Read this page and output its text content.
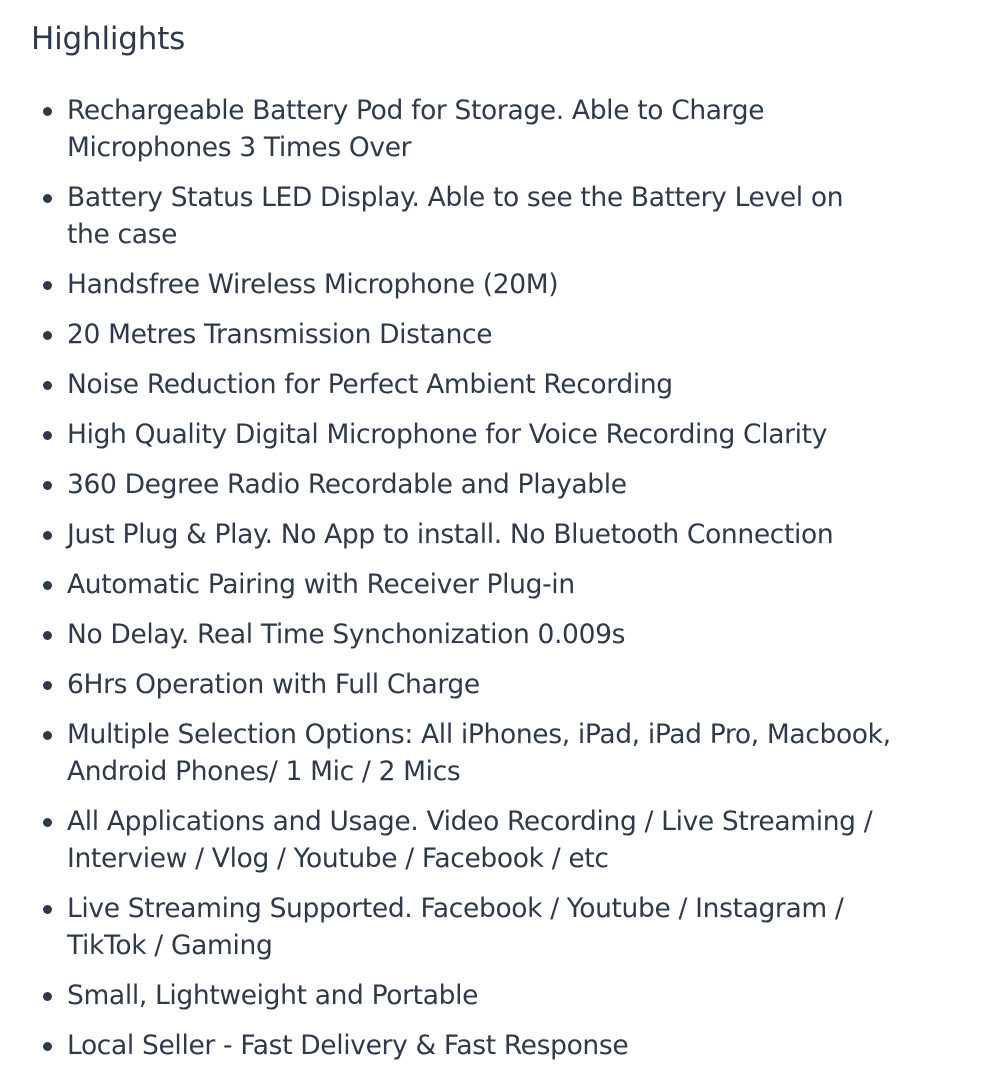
Highlights
Rechargeable Battery Pod for Storage. Able to Charge Microphones 3 Times Over
Battery Status LED Display. Able to see the Battery Level on the case
Handsfree Wireless Microphone (20M)
20 Metres Transmission Distance
Noise Reduction for Perfect Ambient Recording
High Quality Digital Microphone for Voice Recording Clarity
360 Degree Radio Recordable and Playable
Just Plug & Play. No App to install. No Bluetooth Connection
Automatic Pairing with Receiver Plug-in
No Delay. Real Time Synchonization 0.009s
6Hrs Operation with Full Charge
Multiple Selection Options: All iPhones, iPad, iPad Pro, Macbook, Android Phones/ 1 Mic / 2 Mics
All Applications and Usage. Video Recording / Live Streaming / Interview / Vlog / Youtube / Facebook / etc
Live Streaming Supported. Facebook / Youtube / Instagram / TikTok / Gaming
Small, Lightweight and Portable
Local Seller - Fast Delivery & Fast Response
